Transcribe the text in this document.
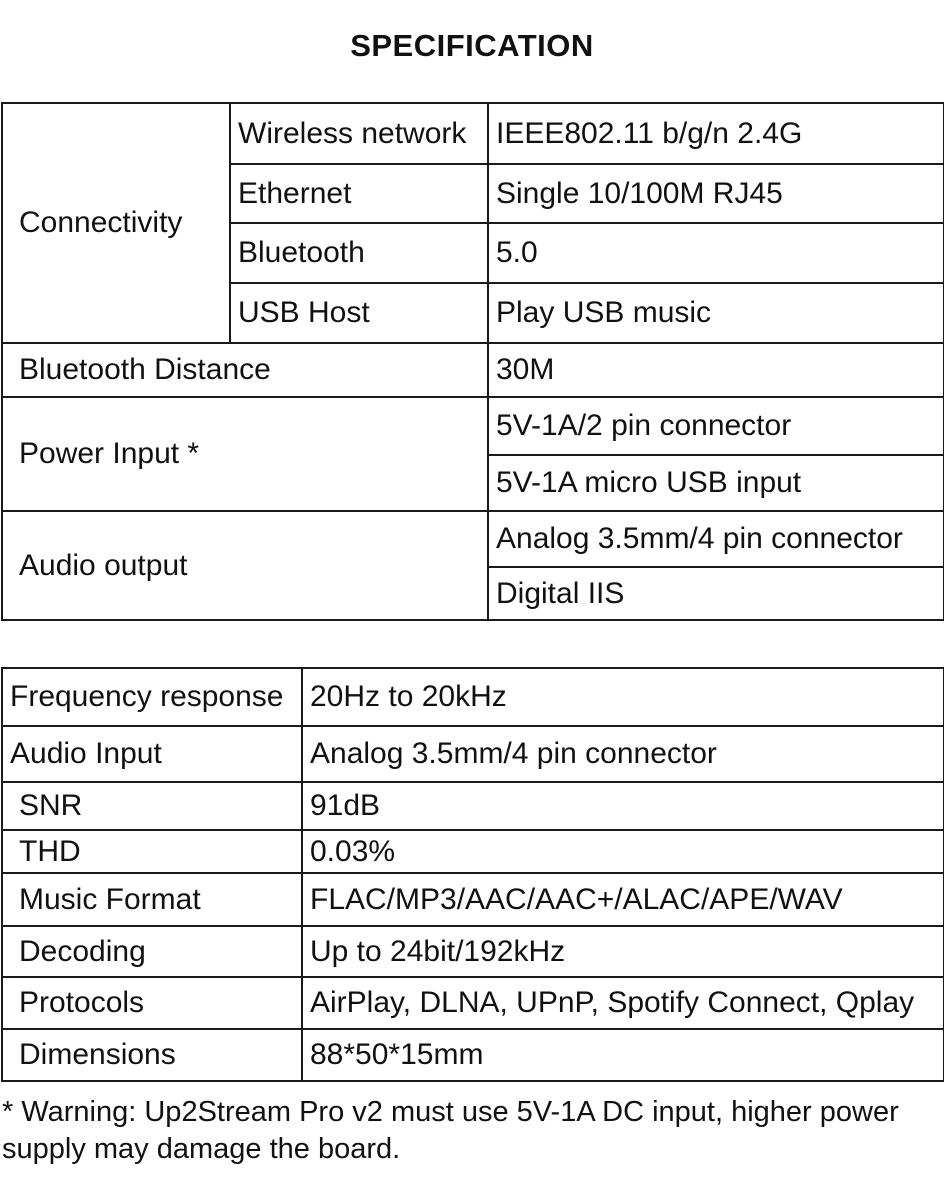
SPECIFICATION
Connectivity	Wireless network	IEEE802.11 b/g/n 2.4G
	Ethernet	Single 10/100M RJ45
	Bluetooth	5.0
	USB Host	Play USB music
Bluetooth Distance		30M
Power Input *		5V-1A/2 pin connector
		5V-1A micro USB input
Audio output		Analog 3.5mm/4 pin connector
		Digital IIS
Frequency response	20Hz to 20kHz
Audio Input	Analog 3.5mm/4 pin connector
SNR	91dB
THD	0.03%
Music Format	FLAC/MP3/AAC/AAC+/ALAC/APE/WAV
Decoding	Up to 24bit/192kHz
Protocols	AirPlay, DLNA, UPnP, Spotify Connect, Qplay
Dimensions	88*50*15mm
* Warning: Up2Stream Pro v2 must use 5V-1A DC input, higher power supply may damage the board.
